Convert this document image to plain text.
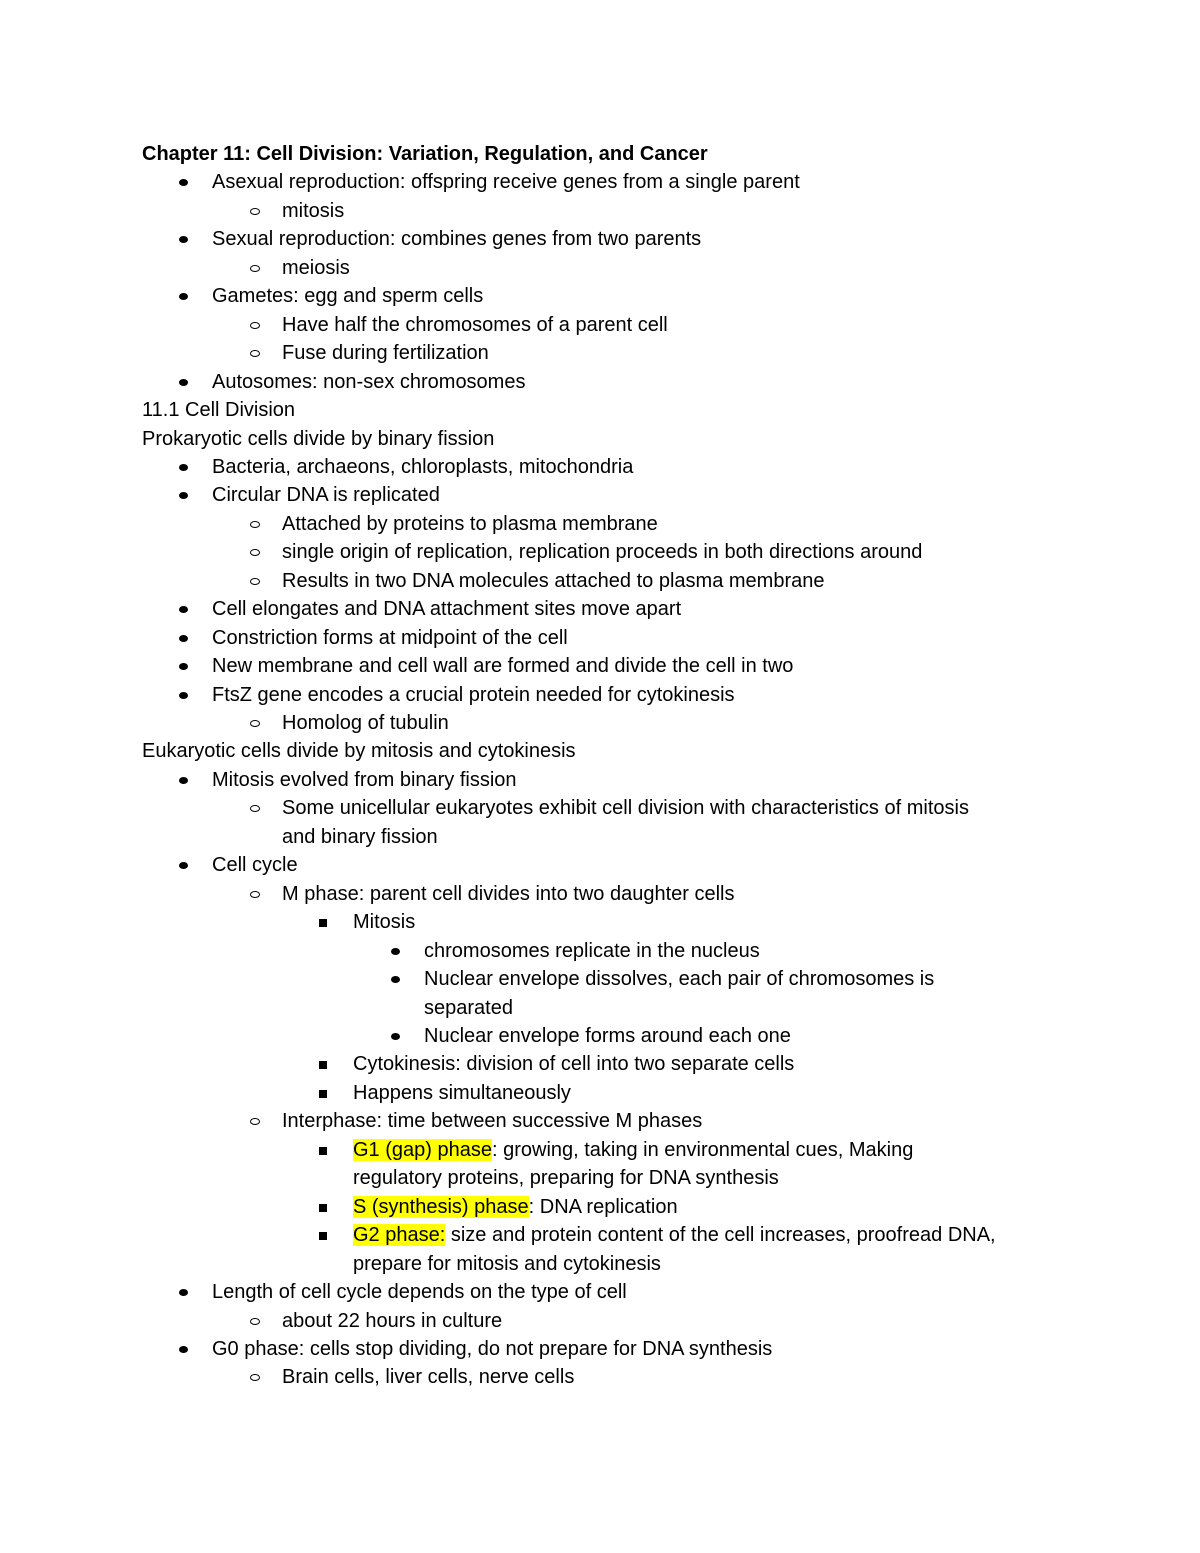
Chapter 11: Cell Division: Variation, Regulation, and Cancer
Asexual reproduction: offspring receive genes from a single parent
mitosis
Sexual reproduction: combines genes from two parents
meiosis
Gametes: egg and sperm cells
Have half the chromosomes of a parent cell
Fuse during fertilization
Autosomes: non-sex chromosomes
11.1 Cell Division
Prokaryotic cells divide by binary fission
Bacteria, archaeons, chloroplasts, mitochondria
Circular DNA is replicated
Attached by proteins to plasma membrane
single origin of replication, replication proceeds in both directions around
Results in two DNA molecules attached to plasma membrane
Cell elongates and DNA attachment sites move apart
Constriction forms at midpoint of the cell
New membrane and cell wall are formed and divide the cell in two
FtsZ gene encodes a crucial protein needed for cytokinesis
Homolog of tubulin
Eukaryotic cells divide by mitosis and cytokinesis
Mitosis evolved from binary fission
Some unicellular eukaryotes exhibit cell division with characteristics of mitosis
and binary fission
Cell cycle
M phase: parent cell divides into two daughter cells
Mitosis
chromosomes replicate in the nucleus
Nuclear envelope dissolves, each pair of chromosomes is
separated
Nuclear envelope forms around each one
Cytokinesis: division of cell into two separate cells
Happens simultaneously
Interphase: time between successive M phases
G1 (gap) phase: growing, taking in environmental cues, Making
regulatory proteins, preparing for DNA synthesis
S (synthesis) phase: DNA replication
G2 phase: size and protein content of the cell increases, proofread DNA,
prepare for mitosis and cytokinesis
Length of cell cycle depends on the type of cell
about 22 hours in culture
G0 phase: cells stop dividing, do not prepare for DNA synthesis
Brain cells, liver cells, nerve cells
